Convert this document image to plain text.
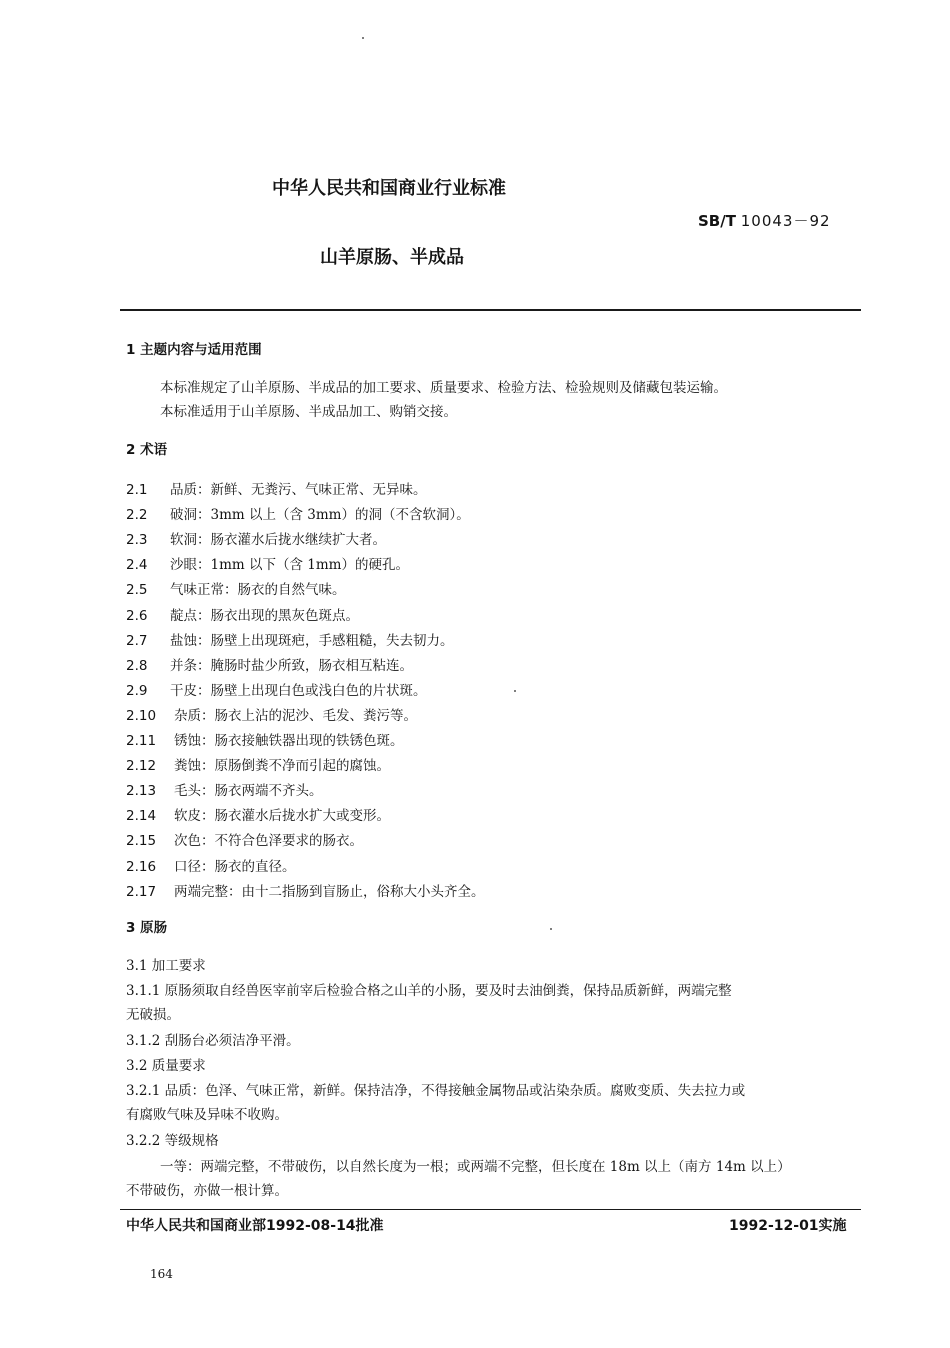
中华人民共和国商业行业标准
SB/T 10043－92
山羊原肠、半成品
1 主题内容与适用范围
本标准规定了山羊原肠、半成品的加工要求、质量要求、检验方法、检验规则及储藏包装运输。
本标准适用于山羊原肠、半成品加工、购销交接。
2 术语
2.1 品质：新鲜、无粪污、气味正常、无异味。
2.2 破洞：3mm 以上（含 3mm）的洞（不含软洞）。
2.3 软洞：肠衣灌水后拢水继续扩大者。
2.4 沙眼：1mm 以下（含 1mm）的硬孔。
2.5 气味正常：肠衣的自然气味。
2.6 靛点：肠衣出现的黑灰色斑点。
2.7 盐蚀：肠壁上出现斑疤，手感粗糙，失去韧力。
2.8 并条：腌肠时盐少所致，肠衣相互粘连。
2.9 干皮：肠壁上出现白色或浅白色的片状斑。
2.10 杂质：肠衣上沾的泥沙、毛发、粪污等。
2.11 锈蚀：肠衣接触铁器出现的铁锈色斑。
2.12 粪蚀：原肠倒粪不净而引起的腐蚀。
2.13 毛头：肠衣两端不齐头。
2.14 软皮：肠衣灌水后拢水扩大或变形。
2.15 次色：不符合色泽要求的肠衣。
2.16 口径：肠衣的直径。
2.17 两端完整：由十二指肠到盲肠止，俗称大小头齐全。
3 原肠
3.1 加工要求
3.1.1 原肠须取自经兽医宰前宰后检验合格之山羊的小肠，要及时去油倒粪，保持品质新鲜，两端完整
无破损。
3.1.2 刮肠台必须洁净平滑。
3.2 质量要求
3.2.1 品质：色泽、气味正常，新鲜。保持洁净，不得接触金属物品或沾染杂质。腐败变质、失去拉力或
有腐败气味及异味不收购。
3.2.2 等级规格
一等：两端完整，不带破伤，以自然长度为一根；或两端不完整，但长度在 18m 以上（南方 14m 以上）
不带破伤，亦做一根计算。
中华人民共和国商业部1992-08-14批准	1992-12-01实施
164
